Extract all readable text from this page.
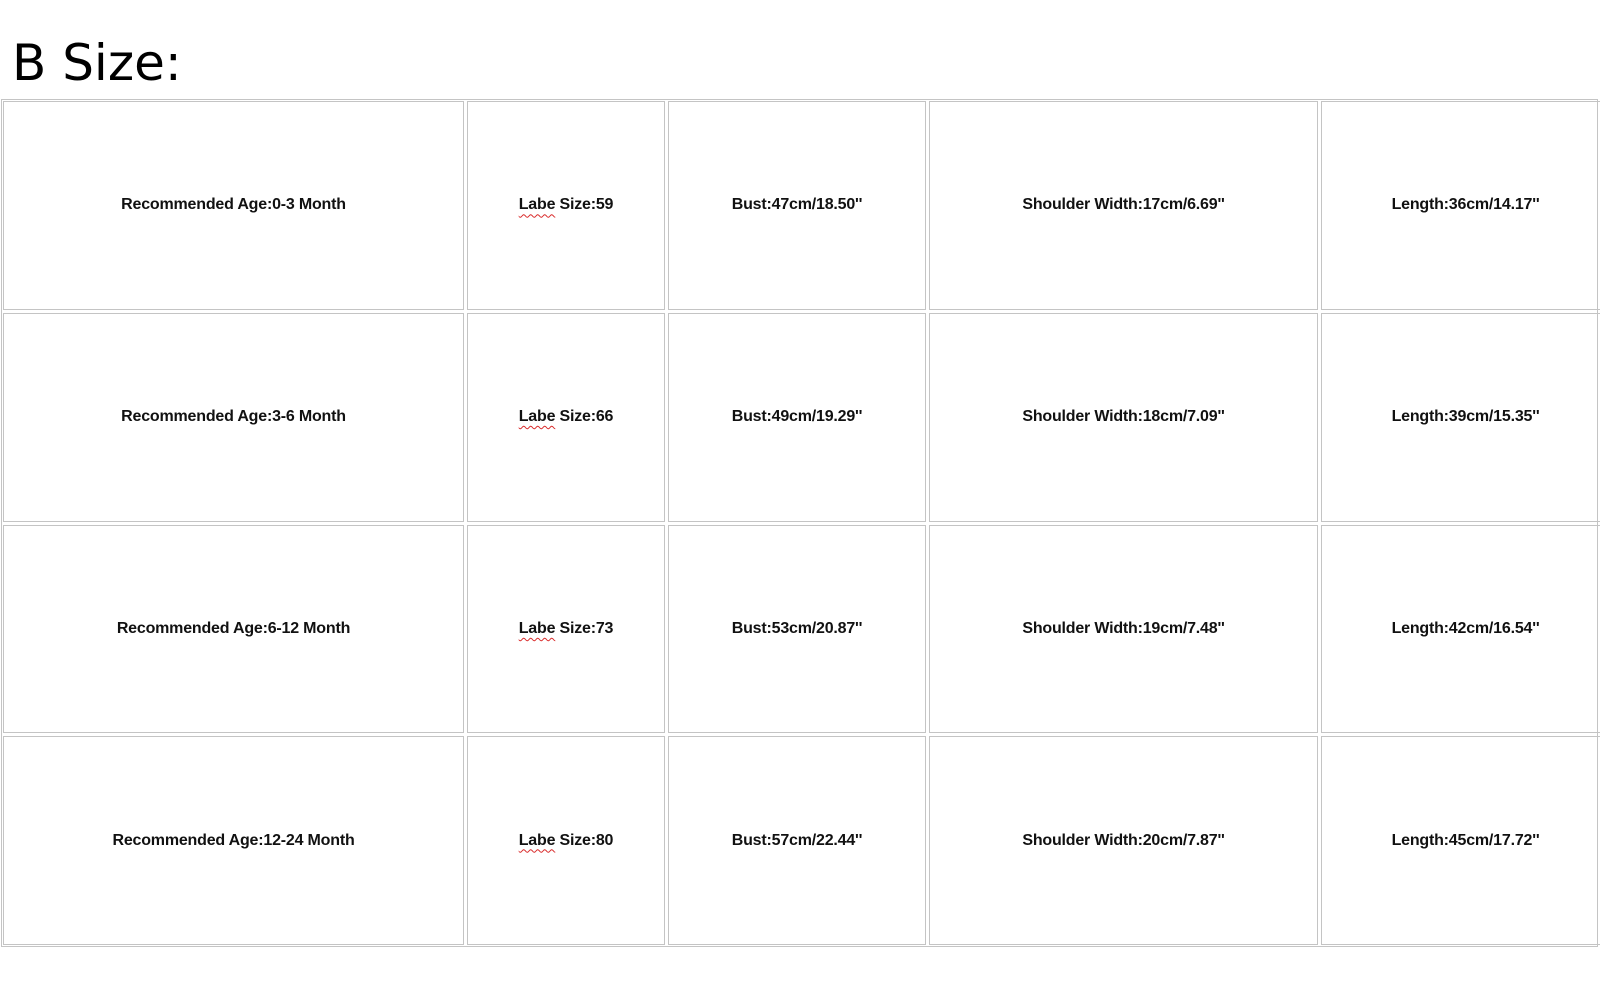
B Size:
Recommended Age:0-3 Month	Labe Size:59	Bust:47cm/18.50''	Shoulder Width:17cm/6.69''	Length:36cm/14.17''
Recommended Age:3-6 Month	Labe Size:66	Bust:49cm/19.29''	Shoulder Width:18cm/7.09''	Length:39cm/15.35''
Recommended Age:6-12 Month	Labe Size:73	Bust:53cm/20.87''	Shoulder Width:19cm/7.48''	Length:42cm/16.54''
Recommended Age:12-24 Month	Labe Size:80	Bust:57cm/22.44''	Shoulder Width:20cm/7.87''	Length:45cm/17.72''
